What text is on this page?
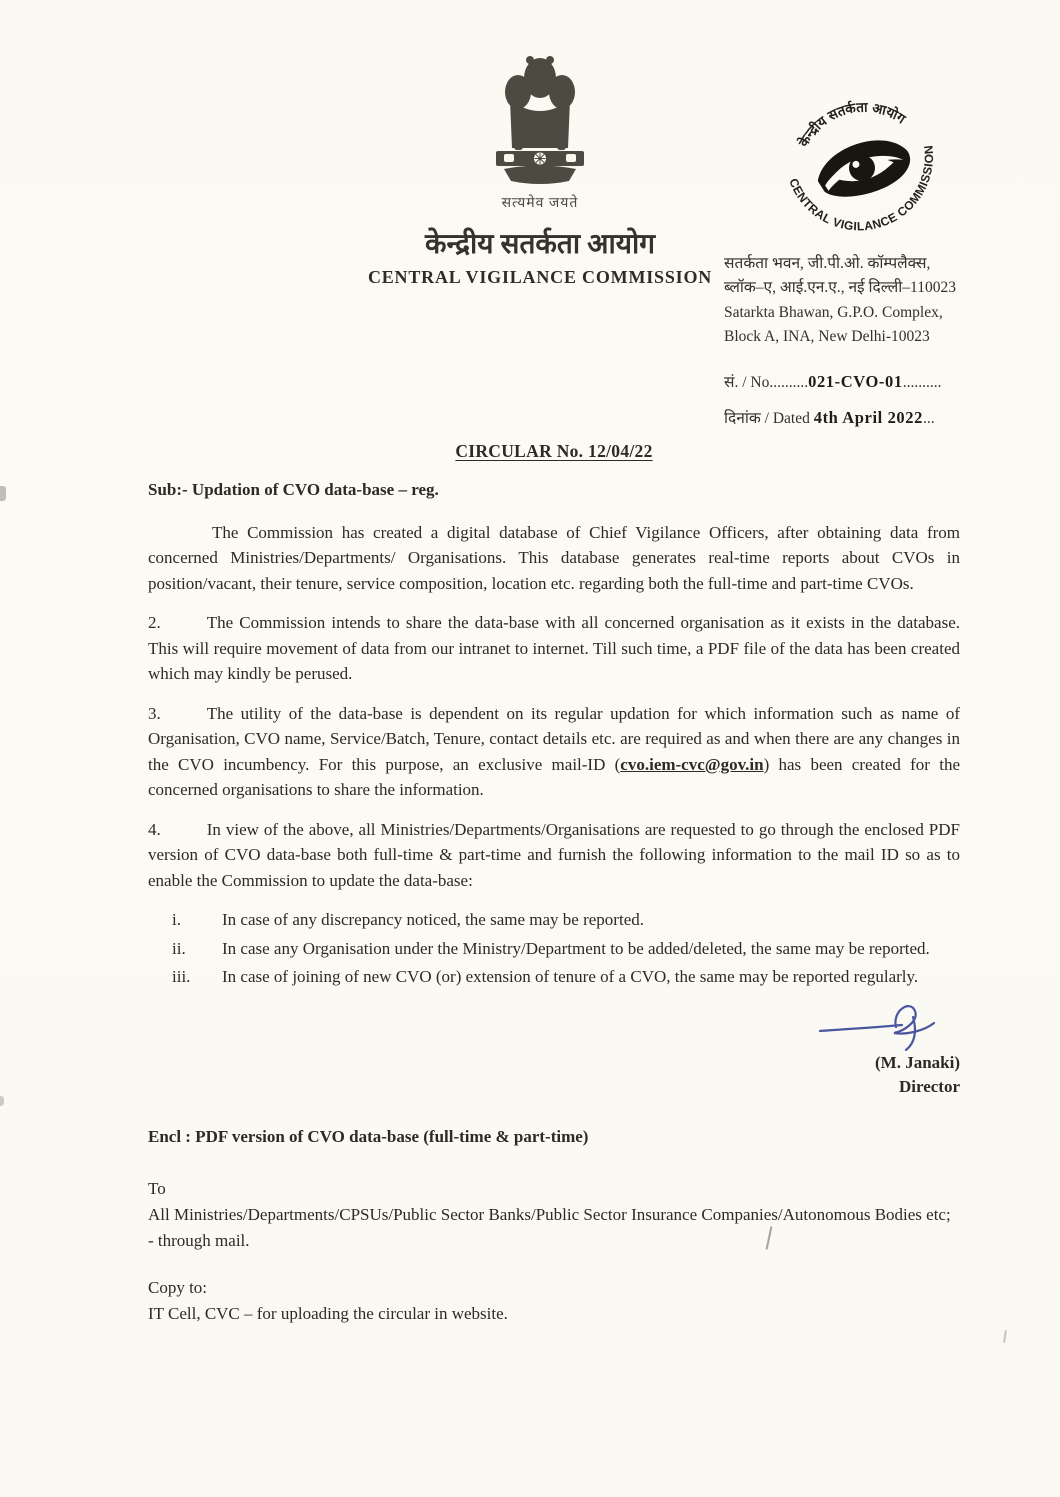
सत्यमेव जयते
केन्द्रीय सतर्कता आयोग
CENTRAL VIGILANCE COMMISSION
केन्द्रीय सतर्कता आयोग
CENTRAL VIGILANCE COMMISSION
सतर्कता भवन, जी.पी.ओ. कॉम्पलैक्स,
ब्लॉक–ए, आई.एन.ए., नई दिल्ली–110023
Satarkta Bhawan, G.P.O. Complex,
Block A, INA, New Delhi-10023
सं. / No..........021-CVO-01..........
दिनांक / Dated 4th April 2022...
CIRCULAR No. 12/04/22
Sub:- Updation of CVO data-base – reg.

The Commission has created a digital database of Chief Vigilance Officers, after obtaining data from concerned Ministries/Departments/ Organisations. This database generates real-time reports about CVOs in position/vacant, their tenure, service composition, location etc. regarding both the full-time and part-time CVOs.

2.	The Commission intends to share the data-base with all concerned organisation as it exists in the database. This will require movement of data from our intranet to internet. Till such time, a PDF file of the data has been created which may kindly be perused.

3.	The utility of the data-base is dependent on its regular updation for which information such as name of Organisation, CVO name, Service/Batch, Tenure, contact details etc. are required as and when there are any changes in the CVO incumbency. For this purpose, an exclusive mail-ID (cvo.iem-cvc@gov.in) has been created for the concerned organisations to share the information.

4.	In view of the above, all Ministries/Departments/Organisations are requested to go through the enclosed PDF version of CVO data-base both full-time & part-time and furnish the following information to the mail ID so as to enable the Commission to update the data-base:

i. In case of any discrepancy noticed, the same may be reported.
ii. In case any Organisation under the Ministry/Department to be added/deleted, the same may be reported.
iii. In case of joining of new CVO (or) extension of tenure of a CVO, the same may be reported regularly.
(M. Janaki)
Director
Encl : PDF version of CVO data-base (full-time & part-time)
To
All Ministries/Departments/CPSUs/Public Sector Banks/Public Sector Insurance Companies/Autonomous Bodies etc; - through mail.
Copy to:
IT Cell, CVC – for uploading the circular in website.
